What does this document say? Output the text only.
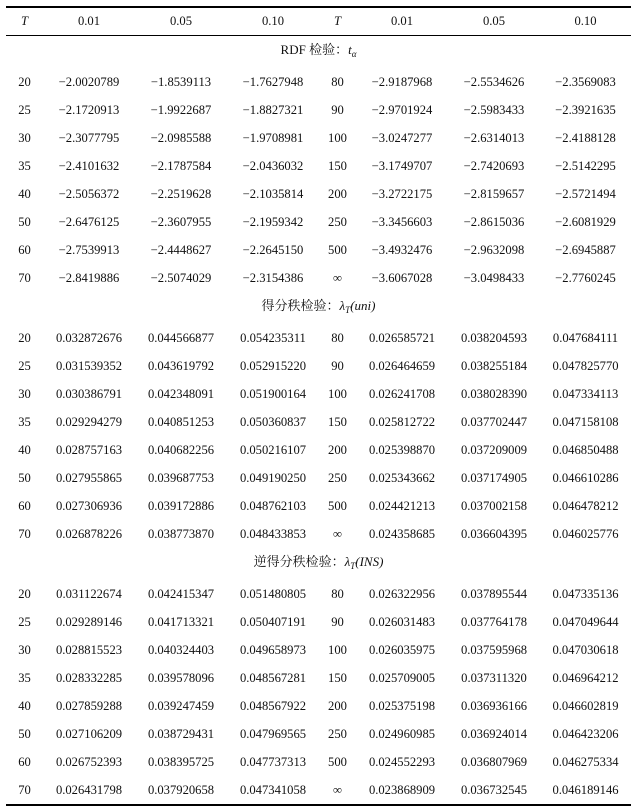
T	0.01	0.05	0.10	T	0.01	0.05	0.10
RDF 检验：$t_\alpha$
20	−2.0020789	−1.8539113	−1.7627948	80	−2.9187968	−2.5534626	−2.3569083
25	−2.1720913	−1.9922687	−1.8827321	90	−2.9701924	−2.5983433	−2.3921635
30	−2.3077795	−2.0985588	−1.9708981	100	−3.0247277	−2.6314013	−2.4188128
35	−2.4101632	−2.1787584	−2.0436032	150	−3.1749707	−2.7420693	−2.5142295
40	−2.5056372	−2.2519628	−2.1035814	200	−3.2722175	−2.8159657	−2.5721494
50	−2.6476125	−2.3607955	−2.1959342	250	−3.3456603	−2.8615036	−2.6081929
60	−2.7539913	−2.4448627	−2.2645150	500	−3.4932476	−2.9632098	−2.6945887
70	−2.8419886	−2.5074029	−2.3154386	∞	−3.6067028	−3.0498433	−2.7760245
得分秩检验：$\lambda_T(uni)$							
20	0.032872676	0.044566877	0.054235311	80	0.026585721	0.038204593	0.047684111
25	0.031539352	0.043619792	0.052915220	90	0.026464659	0.038255184	0.047825770
30	0.030386791	0.042348091	0.051900164	100	0.026241708	0.038028390	0.047334113
35	0.029294279	0.040851253	0.050360837	150	0.025812722	0.037702447	0.047158108
40	0.028757163	0.040682256	0.050216107	200	0.025398870	0.037209009	0.046850488
50	0.027955865	0.039687753	0.049190250	250	0.025343662	0.037174905	0.046610286
60	0.027306936	0.039172886	0.048762103	500	0.024421213	0.037002158	0.046478212
70	0.026878226	0.038773870	0.048433853	∞	0.024358685	0.036604395	0.046025776
逆得分秩检验：$\lambda_T(INS)$							
20	0.031122674	0.042415347	0.051480805	80	0.026322956	0.037895544	0.047335136
25	0.029289146	0.041713321	0.050407191	90	0.026031483	0.037764178	0.047049644
30	0.028815523	0.040324403	0.049658973	100	0.026035975	0.037595968	0.047030618
35	0.028332285	0.039578096	0.048567281	150	0.025709005	0.037311320	0.046964212
40	0.027859288	0.039247459	0.048567922	200	0.025375198	0.036936166	0.046602819
50	0.027106209	0.038729431	0.047969565	250	0.024960985	0.036924014	0.046423206
60	0.026752393	0.038395725	0.047737313	500	0.024552293	0.036807969	0.046275334
70	0.026431798	0.037920658	0.047341058	∞	0.023868909	0.036732545	0.046189146
